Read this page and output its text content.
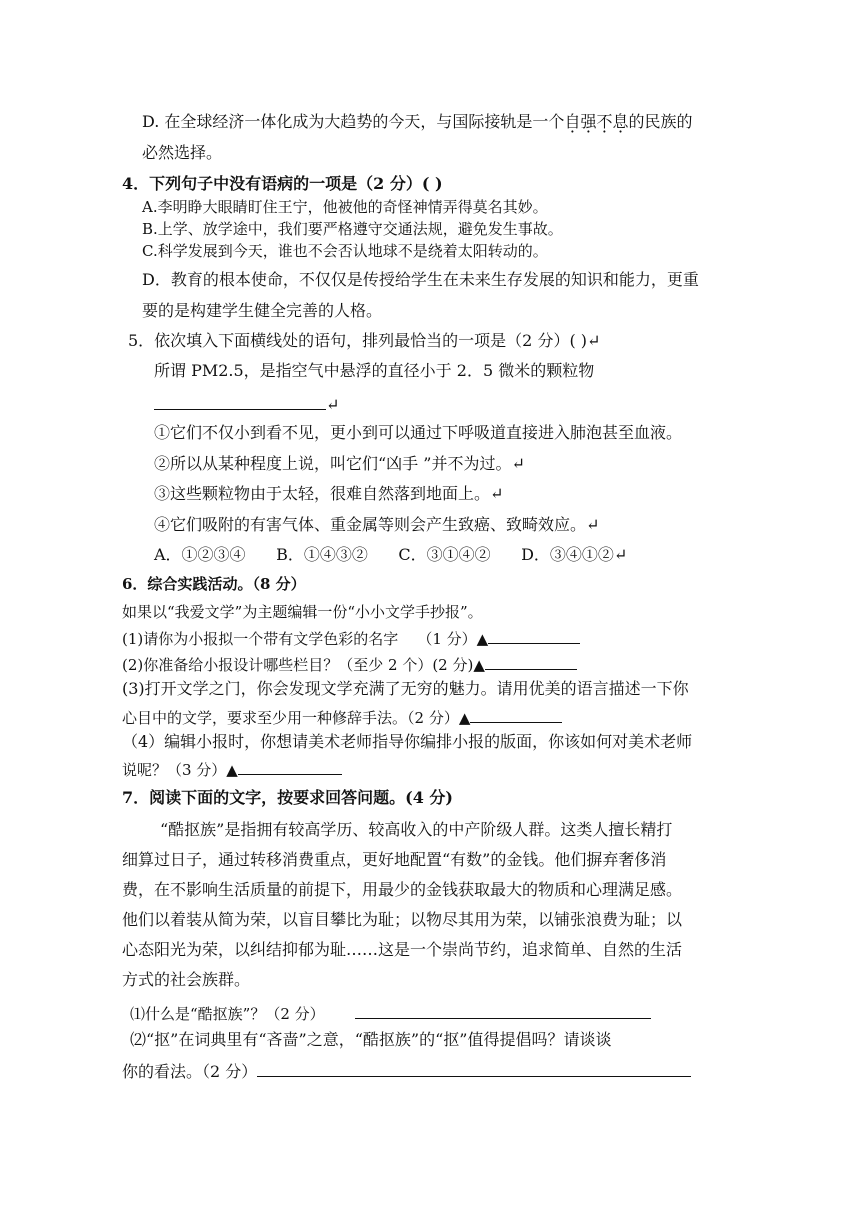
D. 在全球经济一体化成为大趋势的今天，与国际接轨是一个自强不息的民族的
必然选择。
4．下列句子中没有语病的一项是（2 分）( )
A.李明睁大眼睛盯住王宁，他被他的奇怪神情弄得莫名其妙。
B.上学、放学途中，我们要严格遵守交通法规，避免发生事故。
C.科学发展到今天，谁也不会否认地球不是绕着太阳转动的。
D．教育的根本使命，不仅仅是传授给学生在未来生存发展的知识和能力，更重
要的是构建学生健全完善的人格。
5．依次填入下面横线处的语句，排列最恰当的一项是（2 分）( )↵
所谓 PM2.5，是指空气中悬浮的直径小于 2．5 微米的颗粒物
↵
①它们不仅小到看不见，更小到可以通过下呼吸道直接进入肺泡甚至血液。
②所以从某种程度上说，叫它们“凶手 ”并不为过。↵
③这些颗粒物由于太轻，很难自然落到地面上。↵
④它们吸附的有害气体、重金属等则会产生致癌、致畸效应。↵
A．①②③④      B．①④③②      C．③①④②      D．③④①②↵
6．综合实践活动。（8 分）
如果以“我爱文学”为主题编辑一份“小小文学手抄报”。
(1)请你为小报拟一个带有文学色彩的名字    （1 分）▲
(2)你准备给小报设计哪些栏目？（至少 2 个）(2 分)▲
(3)打开文学之门，你会发现文学充满了无穷的魅力。请用优美的语言描述一下你
心目中的文学，要求至少用一种修辞手法。（2 分）▲
（4）编辑小报时，你想请美术老师指导你编排小报的版面，你该如何对美术老师
说呢？（3 分）▲
7．阅读下面的文字，按要求回答问题。(4 分)
“酷抠族”是指拥有较高学历、较高收入的中产阶级人群。这类人擅长精打
细算过日子，通过转移消费重点，更好地配置“有数”的金钱。他们摒弃奢侈消
费，在不影响生活质量的前提下，用最少的金钱获取最大的物质和心理满足感。
他们以着装从简为荣，以盲目攀比为耻；以物尽其用为荣，以铺张浪费为耻；以
心态阳光为荣，以纠结抑郁为耻……这是一个崇尚节约，追求简单、自然的生活
方式的社会族群。
⑴什么是“酷抠族”？（2 分）
⑵“抠”在词典里有“吝啬”之意，“酷抠族”的“抠”值得提倡吗？请谈谈
你的看法。（2 分）
